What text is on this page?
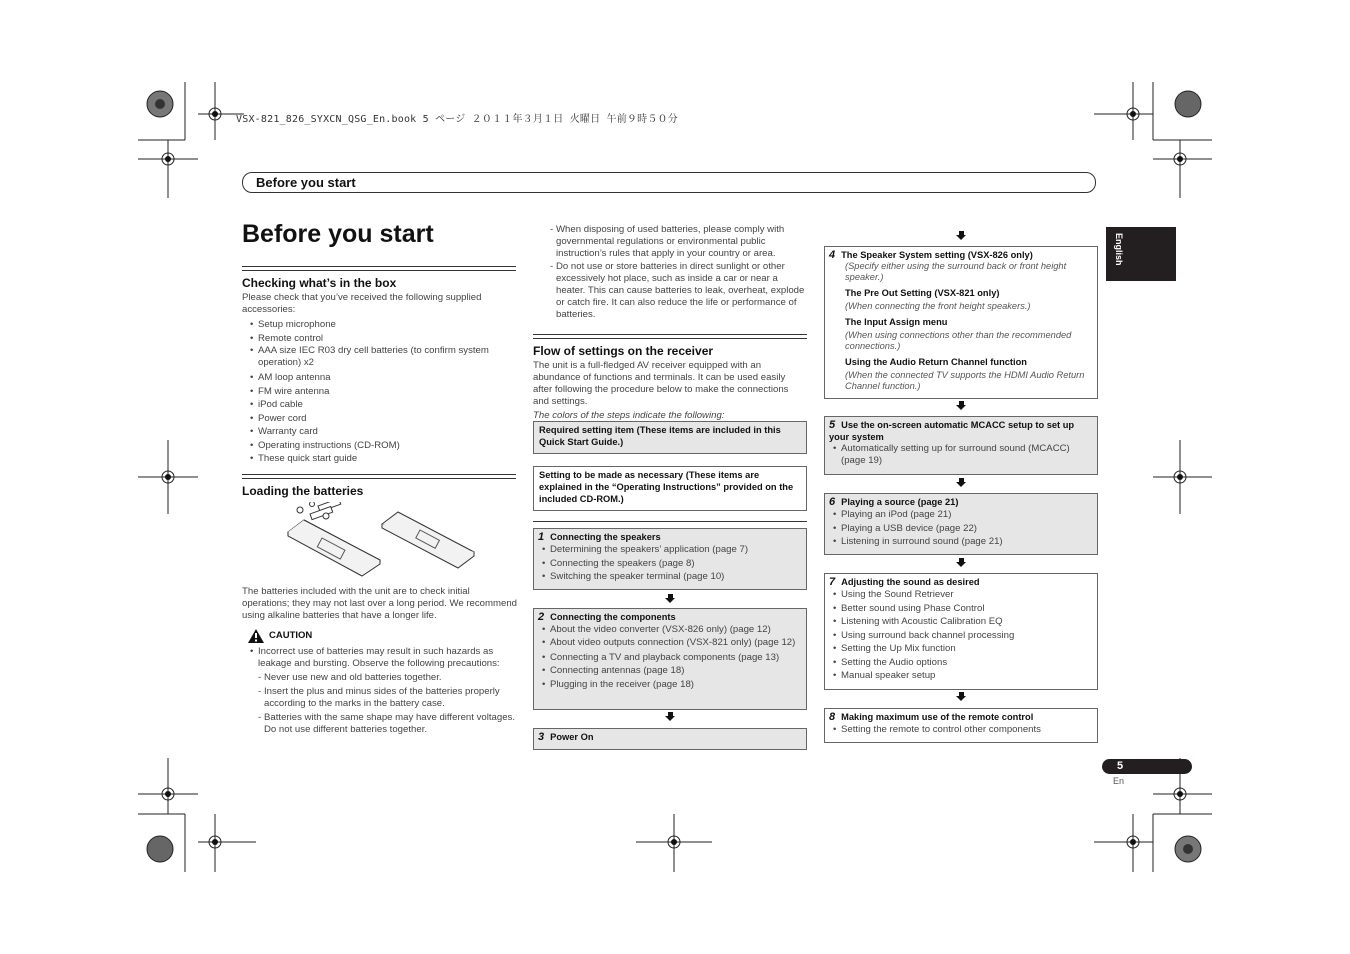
VSX-821_826_SYXCN_QSG_En.book 5 ページ ２０１１年３月１日 火曜日 午前９時５０分
Before you start
English
Before you start
Checking what’s in the box
Please check that you’ve received the following supplied accessories:
• Setup microphone
• Remote control
• AAA size IEC R03 dry cell batteries (to confirm system operation) x2
• AM loop antenna
• FM wire antenna
• iPod cable
• Power cord
• Warranty card
• Operating instructions (CD-ROM)
• These quick start guide
Loading the batteries
The batteries included with the unit are to check initial operations; they may not last over a long period. We recommend using alkaline batteries that have a longer life.
CAUTION
• Incorrect use of batteries may result in such hazards as leakage and bursting. Observe the following precautions:
- Never use new and old batteries together.
- Insert the plus and minus sides of the batteries properly according to the marks in the battery case.
- Batteries with the same shape may have different voltages. Do not use different batteries together.
- When disposing of used batteries, please comply with governmental regulations or environmental public instruction’s rules that apply in your country or area.
- Do not use or store batteries in direct sunlight or other excessively hot place, such as inside a car or near a heater. This can cause batteries to leak, overheat, explode or catch fire. It can also reduce the life or performance of batteries.
Flow of settings on the receiver
The unit is a full-fledged AV receiver equipped with an abundance of functions and terminals. It can be used easily after following the procedure below to make the connections and settings.
The colors of the steps indicate the following:
Required setting item (These items are included in this Quick Start Guide.)
Setting to be made as necessary (These items are explained in the “Operating Instructions” provided on the included CD-ROM.)
1 Connecting the speakers
• Determining the speakers’ application (page 7)
• Connecting the speakers (page 8)
• Switching the speaker terminal (page 10)
2 Connecting the components
• About the video converter (VSX-826 only) (page 12)
• About video outputs connection (VSX-821 only) (page 12)
• Connecting a TV and playback components (page 13)
• Connecting antennas (page 18)
• Plugging in the receiver (page 18)
3 Power On
4 The Speaker System setting (VSX-826 only)
(Specify either using the surround back or front height speaker.)
The Pre Out Setting (VSX-821 only)
(When connecting the front height speakers.)
The Input Assign menu
(When using connections other than the recommended connections.)
Using the Audio Return Channel function
(When the connected TV supports the HDMI Audio Return Channel function.)
5 Use the on-screen automatic MCACC setup to set up your system
• Automatically setting up for surround sound (MCACC) (page 19)
6 Playing a source (page 21)
• Playing an iPod (page 21)
• Playing a USB device (page 22)
• Listening in surround sound (page 21)
7 Adjusting the sound as desired
• Using the Sound Retriever
• Better sound using Phase Control
• Listening with Acoustic Calibration EQ
• Using surround back channel processing
• Setting the Up Mix function
• Setting the Audio options
• Manual speaker setup
8 Making maximum use of the remote control
• Setting the remote to control other components
5
En
